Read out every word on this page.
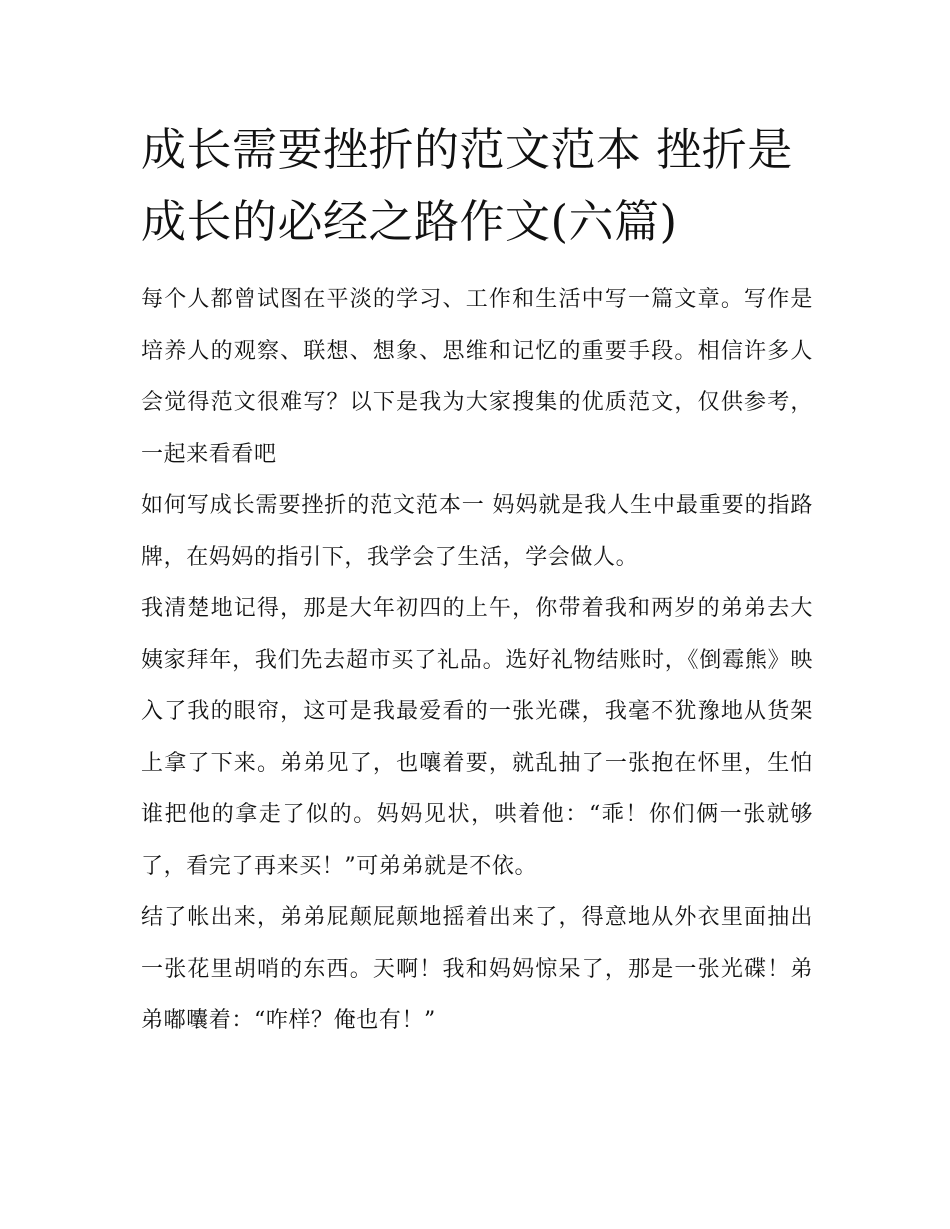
成长需要挫折的范文范本 挫折是成长的必经之路作文(六篇)

每个人都曾试图在平淡的学习、工作和生活中写一篇文章。写作是培养人的观察、联想、想象、思维和记忆的重要手段。相信许多人会觉得范文很难写？以下是我为大家搜集的优质范文，仅供参考，一起来看看吧

如何写成长需要挫折的范文范本一 妈妈就是我人生中最重要的指路牌，在妈妈的指引下，我学会了生活，学会做人。

我清楚地记得，那是大年初四的上午，你带着我和两岁的弟弟去大姨家拜年，我们先去超市买了礼品。选好礼物结账时，《倒霉熊》映入了我的眼帘，这可是我最爱看的一张光碟，我毫不犹豫地从货架上拿了下来。弟弟见了，也嚷着要，就乱抽了一张抱在怀里，生怕谁把他的拿走了似的。妈妈见状，哄着他：“乖！你们俩一张就够了，看完了再来买！”可弟弟就是不依。

结了帐出来，弟弟屁颠屁颠地摇着出来了，得意地从外衣里面抽出一张花里胡哨的东西。天啊！我和妈妈惊呆了，那是一张光碟！弟弟嘟囔着：“咋样？俺也有！”
